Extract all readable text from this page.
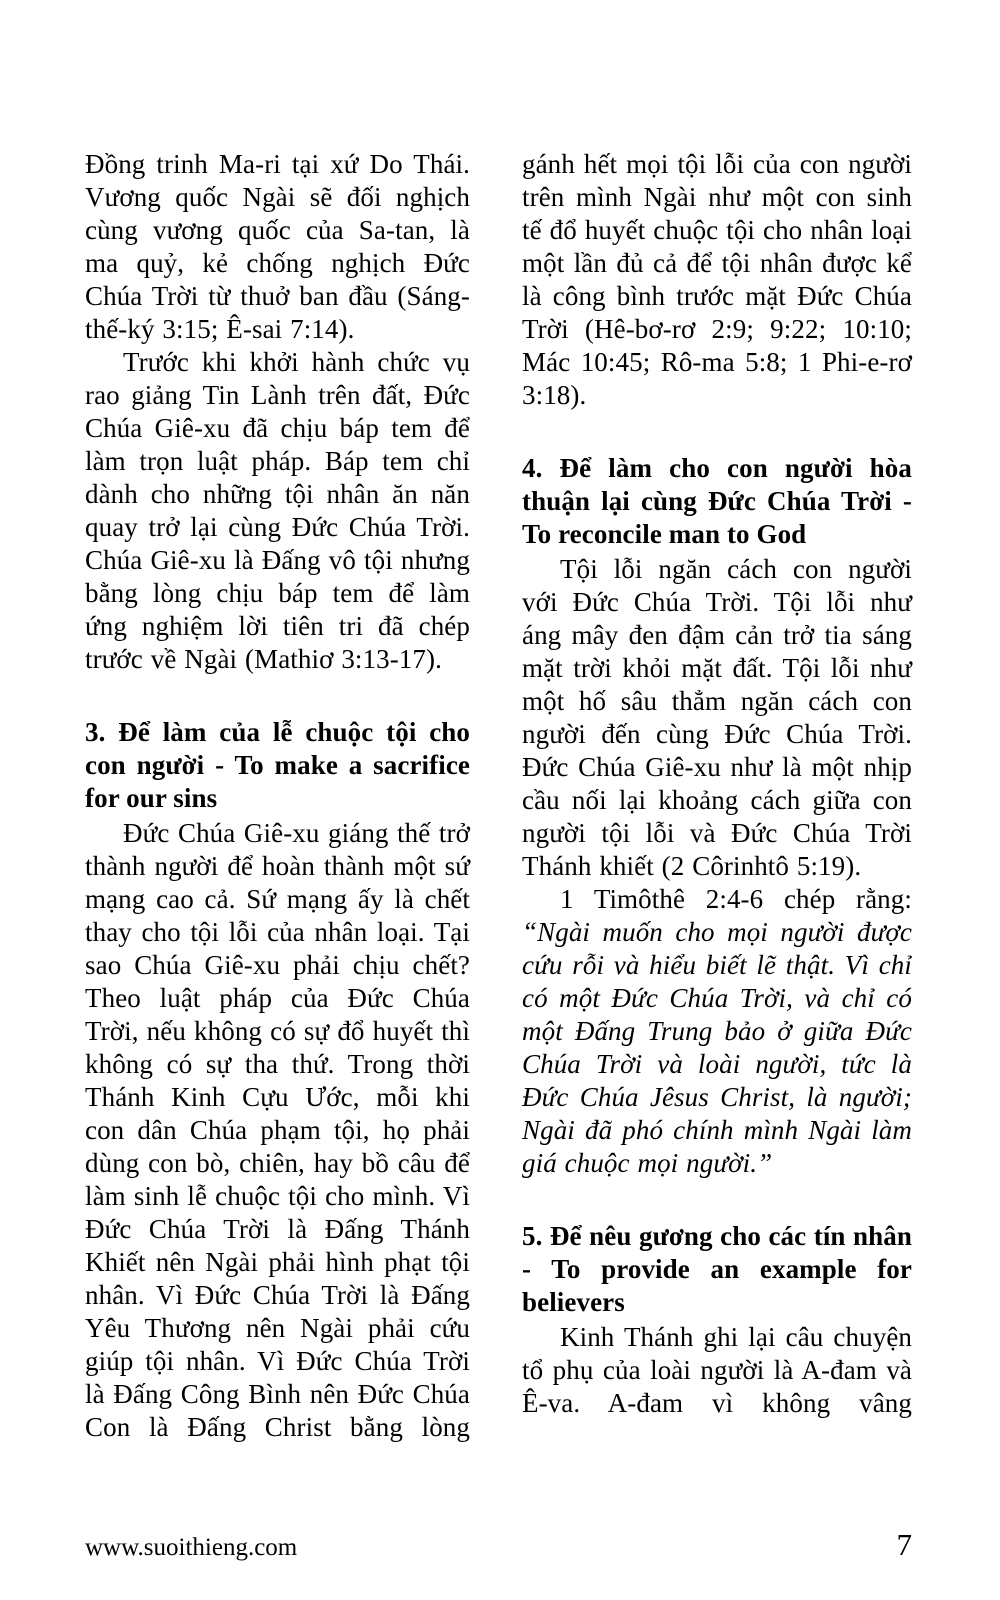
Đồng trinh Ma-ri tại xứ Do Thái. Vương quốc Ngài sẽ đối nghịch cùng vương quốc của Sa-tan, là ma quỷ, kẻ chống nghịch Đức Chúa Trời từ thuở ban đầu (Sáng-thế-ký 3:15; Ê-sai 7:14).

Trước khi khởi hành chức vụ rao giảng Tin Lành trên đất, Đức Chúa Giê-xu đã chịu báp tem để làm trọn luật pháp. Báp tem chỉ dành cho những tội nhân ăn năn quay trở lại cùng Đức Chúa Trời. Chúa Giê-xu là Đấng vô tội nhưng bằng lòng chịu báp tem để làm ứng nghiệm lời tiên tri đã chép trước về Ngài (Mathiơ 3:13-17).

3. Để làm của lễ chuộc tội cho con người - To make a sacrifice for our sins

Đức Chúa Giê-xu giáng thế trở thành người để hoàn thành một sứ mạng cao cả. Sứ mạng ấy là chết thay cho tội lỗi của nhân loại. Tại sao Chúa Giê-xu phải chịu chết? Theo luật pháp của Đức Chúa Trời, nếu không có sự đổ huyết thì không có sự tha thứ. Trong thời Thánh Kinh Cựu Ước, mỗi khi con dân Chúa phạm tội, họ phải dùng con bò, chiên, hay bồ câu để làm sinh lễ chuộc tội cho mình. Vì Đức Chúa Trời là Đấng Thánh Khiết nên Ngài phải hình phạt tội nhân. Vì Đức Chúa Trời là Đấng Yêu Thương nên Ngài phải cứu giúp tội nhân. Vì Đức Chúa Trời là Đấng Công Bình nên Đức Chúa Con là Đấng Christ bằng lòng

gánh hết mọi tội lỗi của con người trên mình Ngài như một con sinh tế đổ huyết chuộc tội cho nhân loại một lần đủ cả để tội nhân được kể là công bình trước mặt Đức Chúa Trời (Hê-bơ-rơ 2:9; 9:22; 10:10; Mác 10:45; Rô-ma 5:8; 1 Phi-e-rơ 3:18).

4. Để làm cho con người hòa thuận lại cùng Đức Chúa Trời - To reconcile man to God

Tội lỗi ngăn cách con người với Đức Chúa Trời. Tội lỗi như áng mây đen đậm cản trở tia sáng mặt trời khỏi mặt đất. Tội lỗi như một hố sâu thẳm ngăn cách con người đến cùng Đức Chúa Trời. Đức Chúa Giê-xu như là một nhịp cầu nối lại khoảng cách giữa con người tội lỗi và Đức Chúa Trời Thánh khiết (2 Côrinhtô 5:19).

1 Timôthê 2:4-6 chép rằng: “Ngài muốn cho mọi người được cứu rỗi và hiểu biết lẽ thật. Vì chỉ có một Đức Chúa Trời, và chỉ có một Đấng Trung bảo ở giữa Đức Chúa Trời và loài người, tức là Đức Chúa Jêsus Christ, là người; Ngài đã phó chính mình Ngài làm giá chuộc mọi người.”

5. Để nêu gương cho các tín nhân - To provide an example for believers

Kinh Thánh ghi lại câu chuyện tổ phụ của loài người là A-đam và Ê-va. A-đam vì không vâng

www.suoithieng.com	7
